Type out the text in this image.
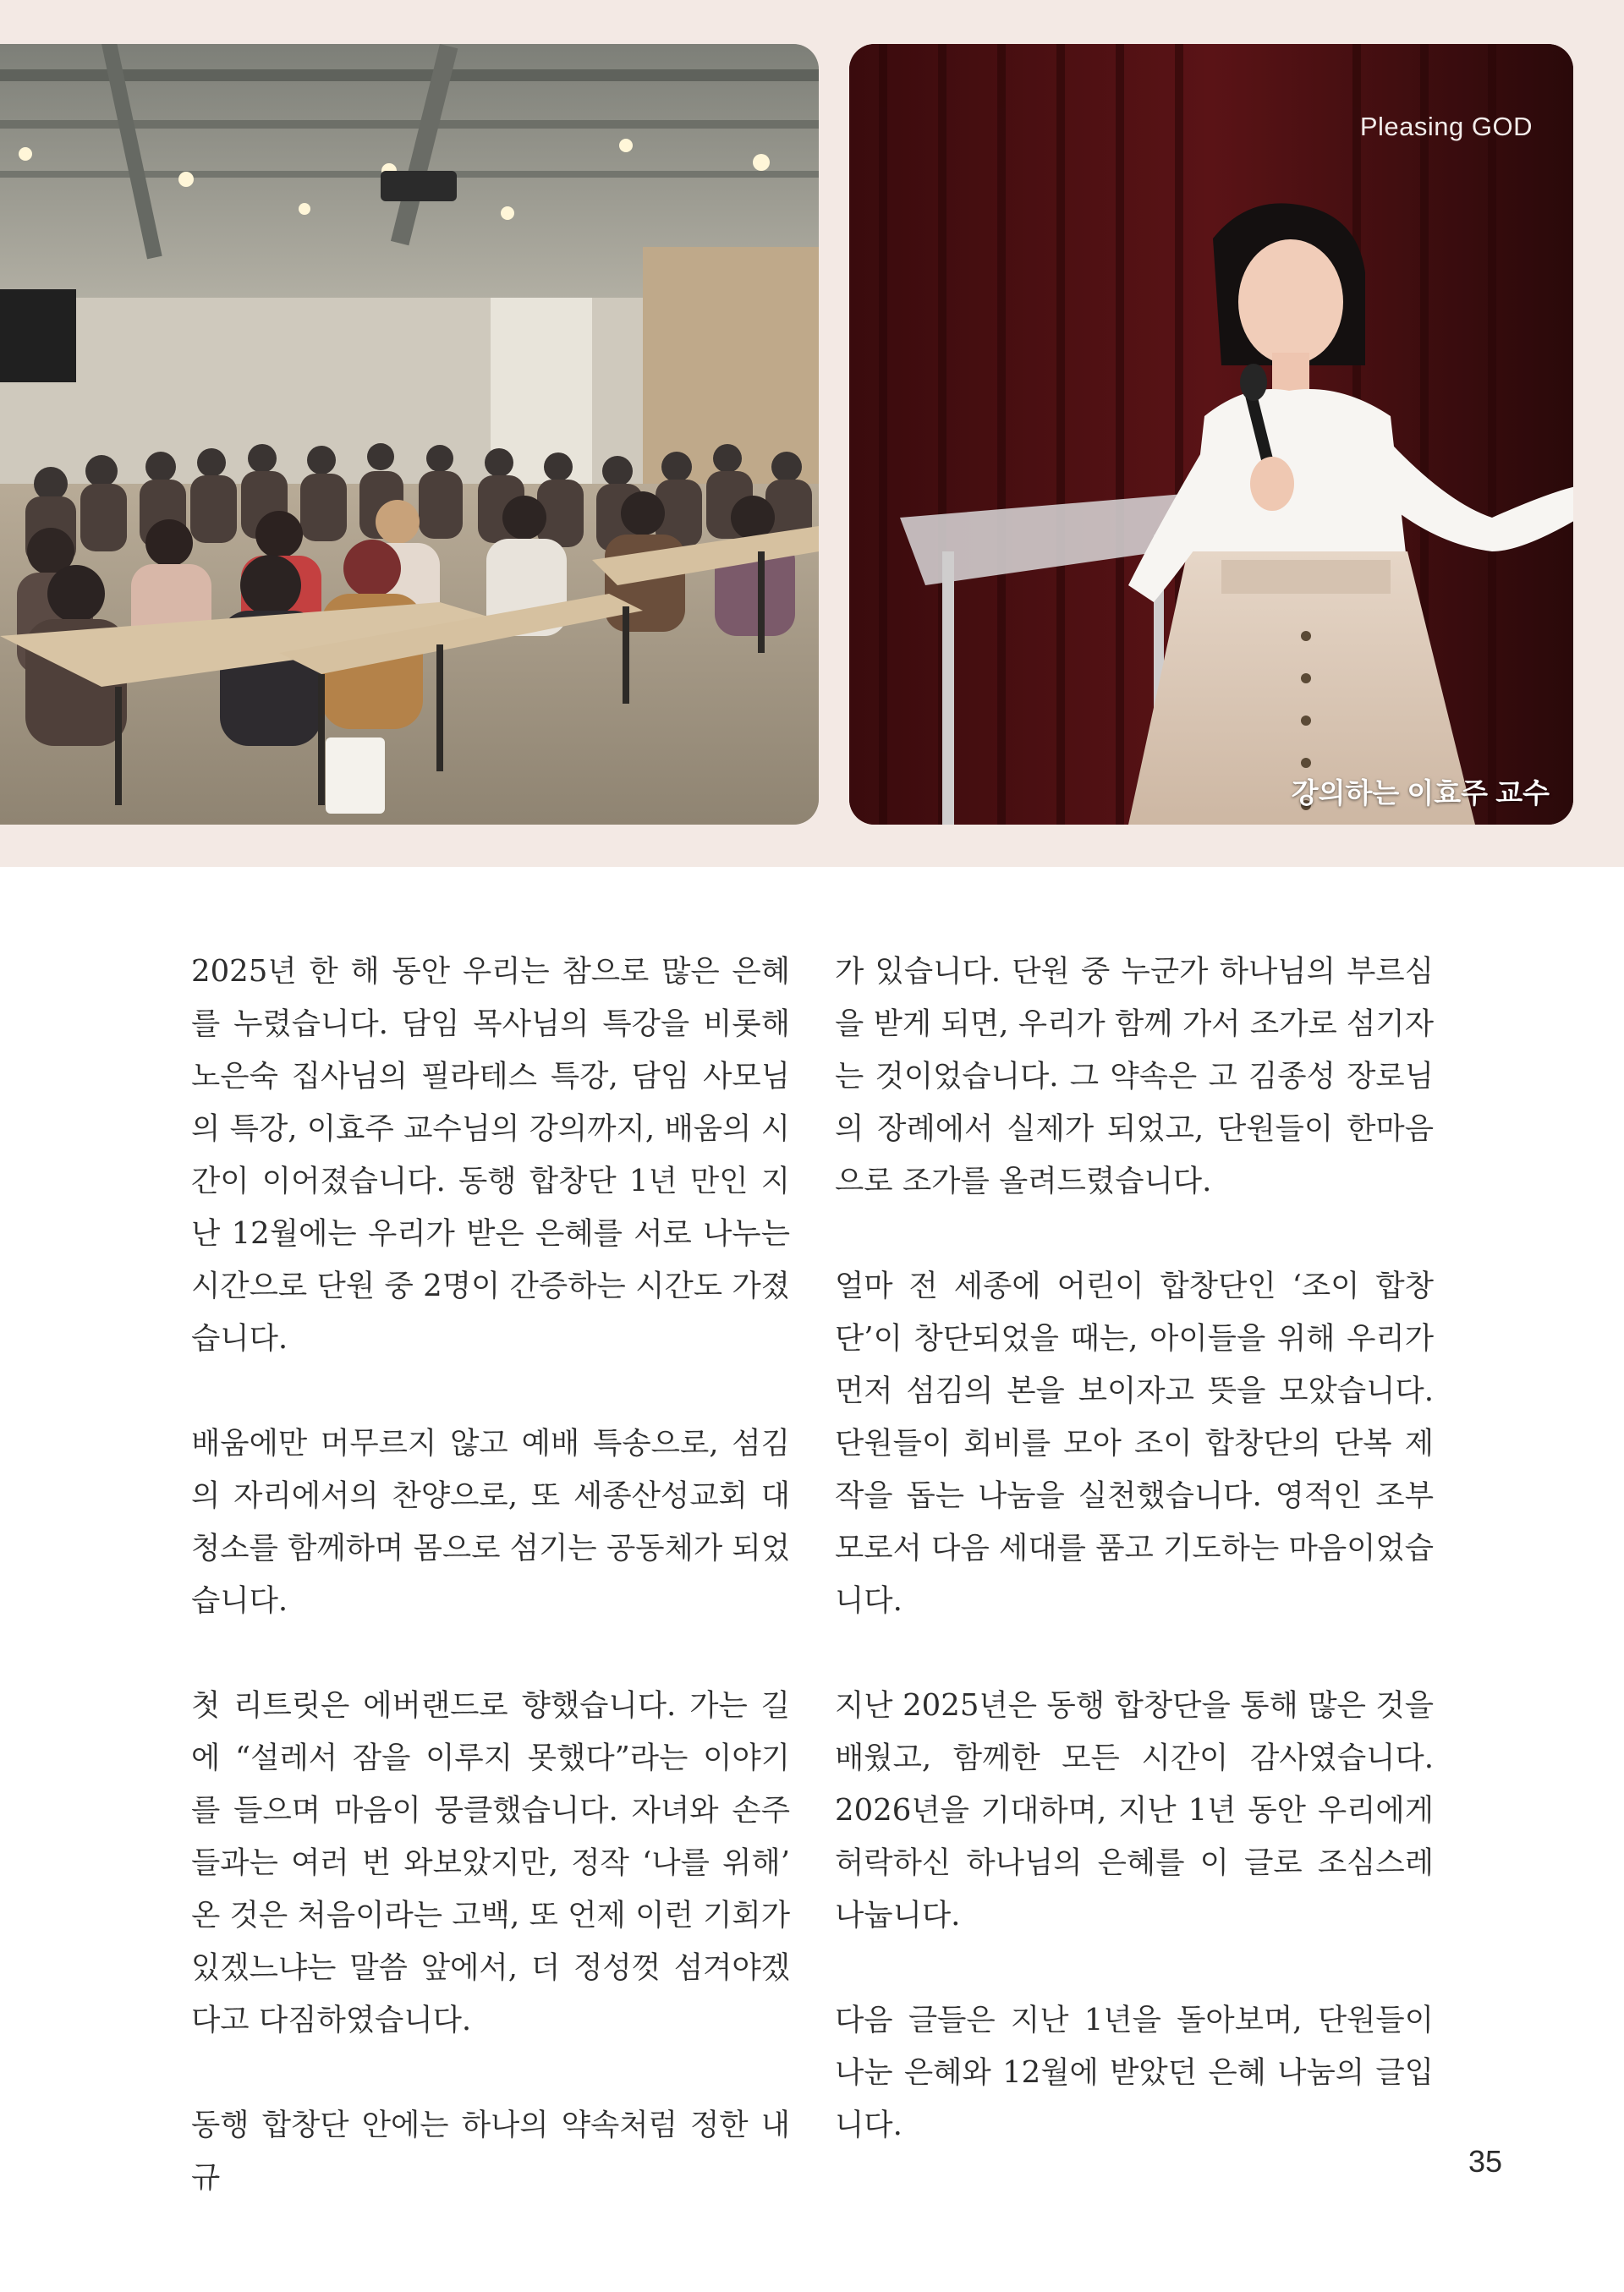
Pleasing GOD
강의하는 이효주 교수

2025년 한 해 동안 우리는 참으로 많은 은혜를 누렸습니다. 담임 목사님의 특강을 비롯해 노은숙 집사님의 필라테스 특강, 담임 사모님의 특강, 이효주 교수님의 강의까지, 배움의 시간이 이어졌습니다. 동행 합창단 1년 만인 지난 12월에는 우리가 받은 은혜를 서로 나누는 시간으로 단원 중 2명이 간증하는 시간도 가졌습니다.

배움에만 머무르지 않고 예배 특송으로, 섬김의 자리에서의 찬양으로, 또 세종산성교회 대청소를 함께하며 몸으로 섬기는 공동체가 되었습니다.

첫 리트릿은 에버랜드로 향했습니다. 가는 길에 “설레서 잠을 이루지 못했다”라는 이야기를 들으며 마음이 뭉클했습니다. 자녀와 손주들과는 여러 번 와보았지만, 정작 ‘나를 위해’ 온 것은 처음이라는 고백, 또 언제 이런 기회가 있겠느냐는 말씀 앞에서, 더 정성껏 섬겨야겠다고 다짐하였습니다.

동행 합창단 안에는 하나의 약속처럼 정한 내규

가 있습니다. 단원 중 누군가 하나님의 부르심을 받게 되면, 우리가 함께 가서 조가로 섬기자는 것이었습니다. 그 약속은 고 김종성 장로님의 장례에서 실제가 되었고, 단원들이 한마음으로 조가를 올려드렸습니다.

얼마 전 세종에 어린이 합창단인 ‘조이 합창단’이 창단되었을 때는, 아이들을 위해 우리가 먼저 섬김의 본을 보이자고 뜻을 모았습니다. 단원들이 회비를 모아 조이 합창단의 단복 제작을 돕는 나눔을 실천했습니다. 영적인 조부모로서 다음 세대를 품고 기도하는 마음이었습니다.

지난 2025년은 동행 합창단을 통해 많은 것을 배웠고, 함께한 모든 시간이 감사였습니다. 2026년을 기대하며, 지난 1년 동안 우리에게 허락하신 하나님의 은혜를 이 글로 조심스레 나눕니다.

다음 글들은 지난 1년을 돌아보며, 단원들이 나눈 은혜와 12월에 받았던 은혜 나눔의 글입니다.

35
